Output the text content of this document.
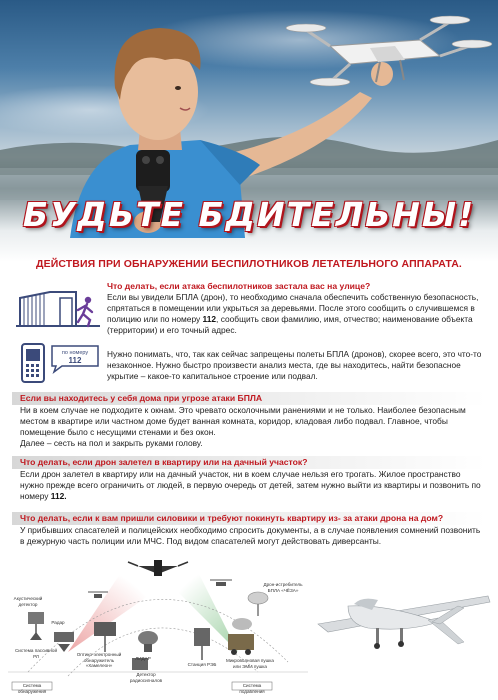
БУДЬТЕ БДИТЕЛЬНЫ!
ДЕЙСТВИЯ ПРИ ОБНАРУЖЕНИИ БЕСПИЛОТНИКОВ ЛЕТАТЕЛЬНОГО АППАРАТА.
Что делать, если атака беспилотников застала вас на улице?
Если вы увидели БПЛА (дрон), то необходимо сначала обеспечить собственную безопасность, спрятаться в помещении или укрыться за деревьями. После этого сообщить о случившемся в полицию или по номеру 112, сообщить свои фамилию, имя, отчество; наименование объекта (территории) и его точный адрес.
по номеру
112
Нужно понимать, что, так как сейчас запрещены полеты БПЛА (дронов), скорее всего, это что-то незаконное. Нужно быстро произвести анализ места, где вы находитесь, найти безопасное укрытие – какое-то капитальное строение или подвал.
Если вы находитесь у себя дома при угрозе атаки БПЛА
Ни в коем случае не подходите к окнам. Это чревато осколочными ранениями и не только. Наиболее безопасным местом в квартире или частном доме будет ванная комната, коридор, кладовая либо подвал. Главное, чтобы помещение было с несущими стенами и без окон.
Далее – сесть на пол и закрыть руками голову.
Что делать, если дрон залетел в квартиру или на дачный участок?
Если дрон залетел в квартиру или на дачный участок, ни в коем случае нельзя его трогать. Жилое пространство нужно прежде всего ограничить от людей, в первую очередь от детей, затем нужно выйти из квартиры и позвонить по номеру 112.
Что делать, если к вам пришли силовики и требуют покинуть квартиру из- за атаки дрона на дом?
У прибывших спасателей и полицейских необходимо спросить документы, а в случае появления сомнений позвонить в дежурную часть полиции или МЧС. Под видом спасателей могут действовать диверсанты.
Акустический детектор
Радар
Система пассивной РЛ	Оптико-электронный обнаружитель «Хамелеон»
ЛИДАР
Детектор радиосигналов
Станция РЭБ
Микроволновая пушка или ЭМИ пушка
Дрон-истребитель БПЛА «ЧЁЗА»
Система обнаружения
Система подавления
